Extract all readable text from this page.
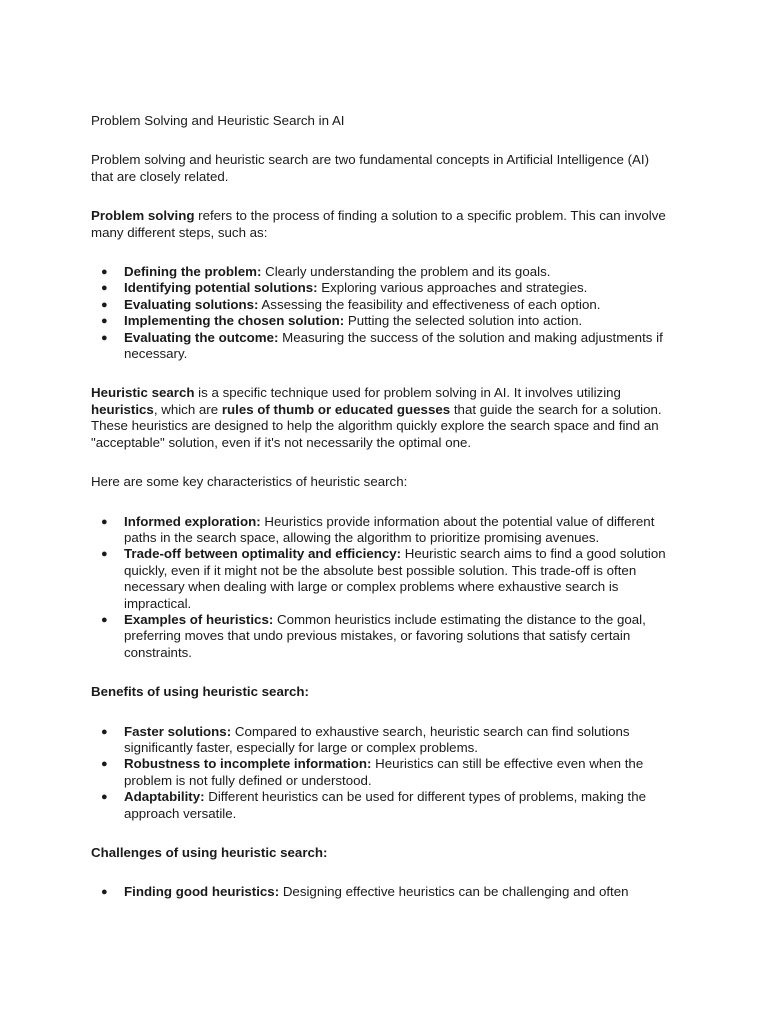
Problem Solving and Heuristic Search in AI

Problem solving and heuristic search are two fundamental concepts in Artificial Intelligence (AI) that are closely related.

Problem solving refers to the process of finding a solution to a specific problem. This can involve many different steps, such as:

● Defining the problem: Clearly understanding the problem and its goals.
● Identifying potential solutions: Exploring various approaches and strategies.
● Evaluating solutions: Assessing the feasibility and effectiveness of each option.
● Implementing the chosen solution: Putting the selected solution into action.
● Evaluating the outcome: Measuring the success of the solution and making adjustments if necessary.

Heuristic search is a specific technique used for problem solving in AI. It involves utilizing heuristics, which are rules of thumb or educated guesses that guide the search for a solution. These heuristics are designed to help the algorithm quickly explore the search space and find an "acceptable" solution, even if it's not necessarily the optimal one.

Here are some key characteristics of heuristic search:

● Informed exploration: Heuristics provide information about the potential value of different paths in the search space, allowing the algorithm to prioritize promising avenues.
● Trade-off between optimality and efficiency: Heuristic search aims to find a good solution quickly, even if it might not be the absolute best possible solution. This trade-off is often necessary when dealing with large or complex problems where exhaustive search is impractical.
● Examples of heuristics: Common heuristics include estimating the distance to the goal, preferring moves that undo previous mistakes, or favoring solutions that satisfy certain constraints.

Benefits of using heuristic search:

● Faster solutions: Compared to exhaustive search, heuristic search can find solutions significantly faster, especially for large or complex problems.
● Robustness to incomplete information: Heuristics can still be effective even when the problem is not fully defined or understood.
● Adaptability: Different heuristics can be used for different types of problems, making the approach versatile.

Challenges of using heuristic search:

● Finding good heuristics: Designing effective heuristics can be challenging and often
